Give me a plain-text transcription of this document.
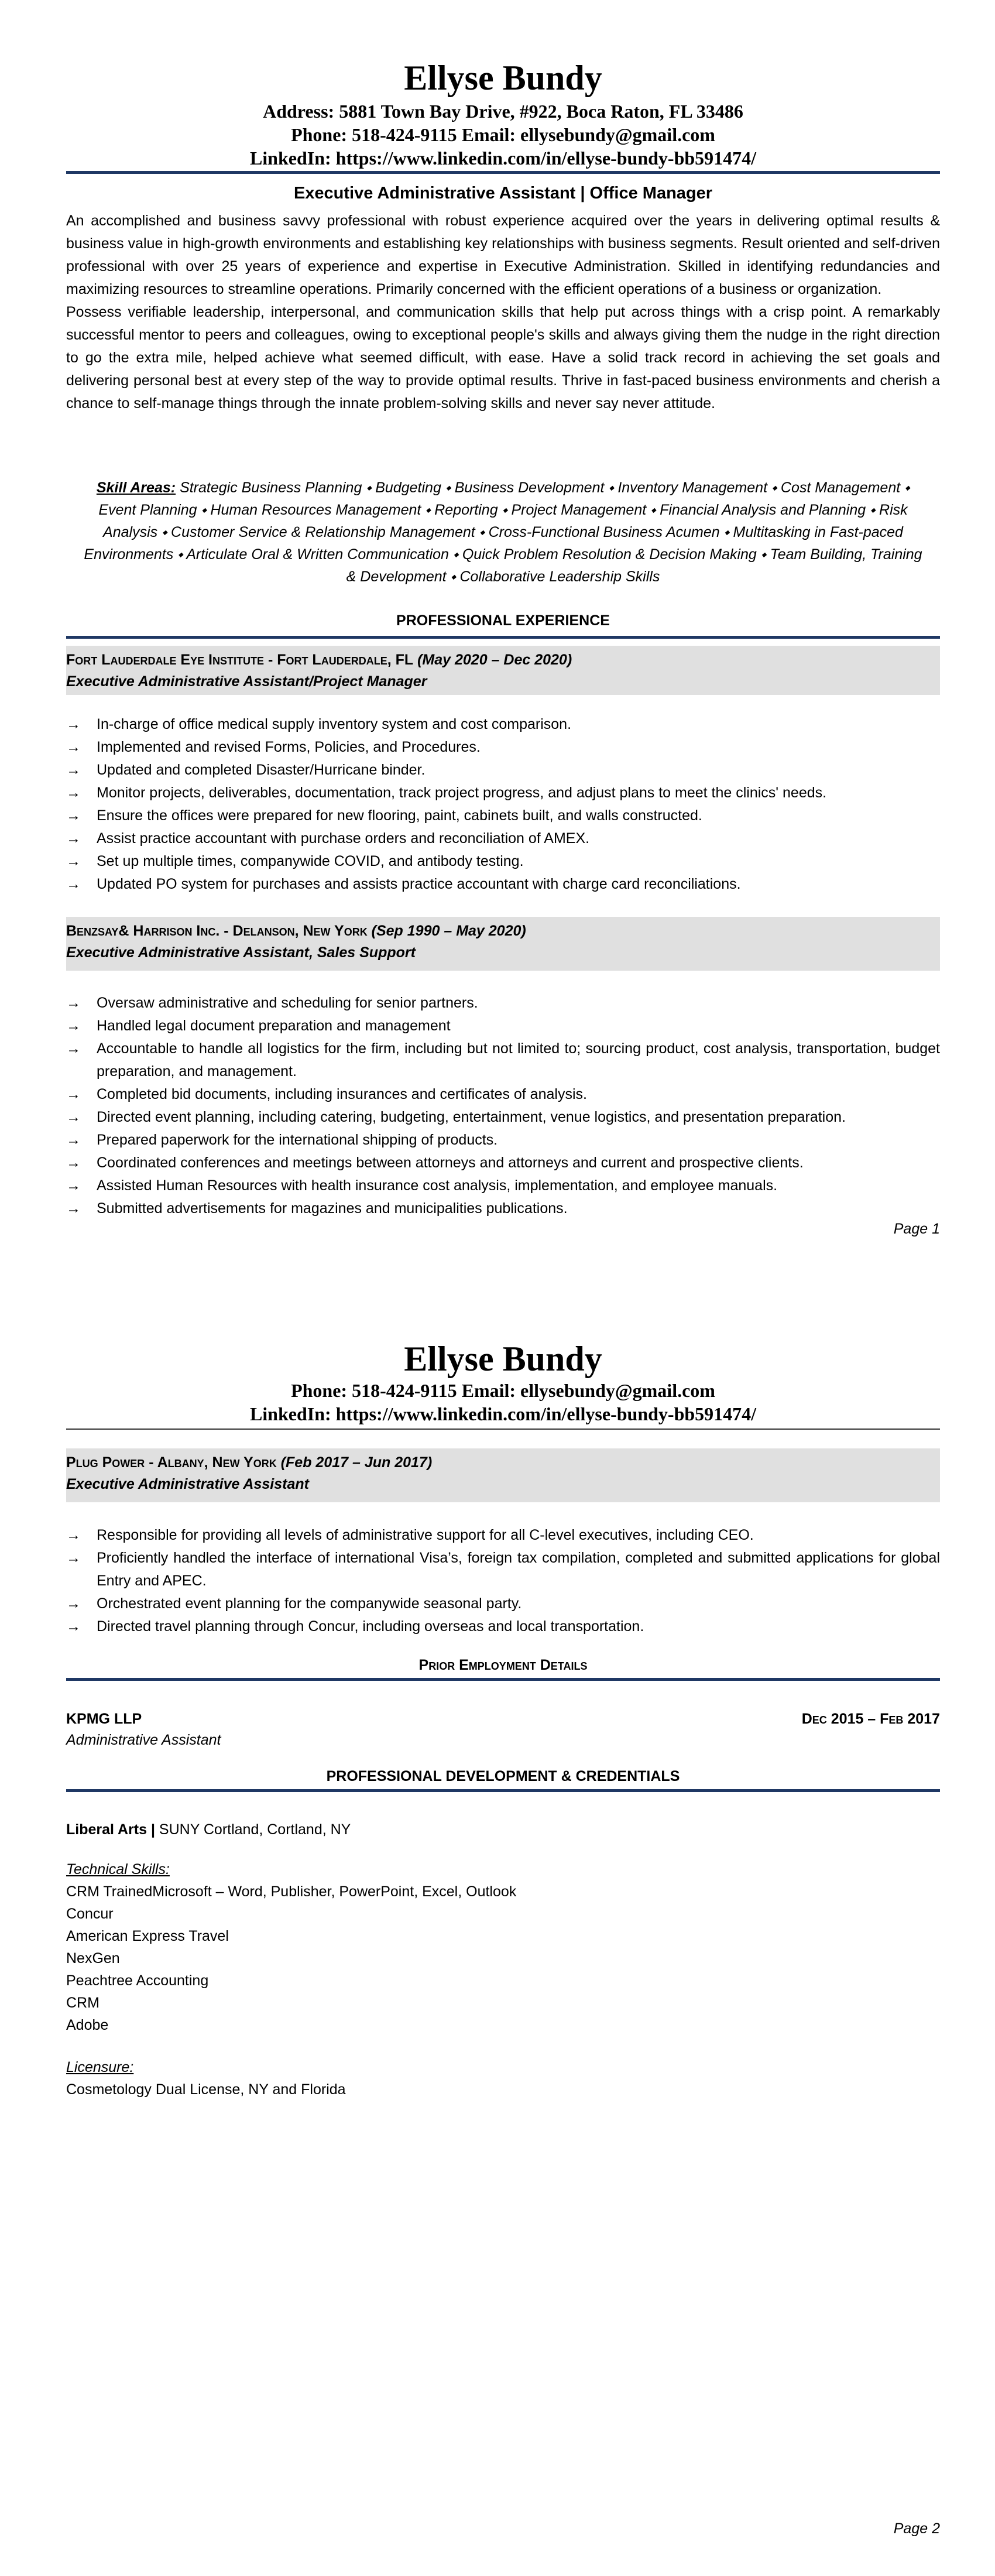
Ellyse Bundy
Address: 5881 Town Bay Drive, #922, Boca Raton, FL 33486
Phone: 518-424-9115 Email: ellysebundy@gmail.com
LinkedIn: https://www.linkedin.com/in/ellyse-bundy-bb591474/
Executive Administrative Assistant | Office Manager

An accomplished and business savvy professional with robust experience acquired over the years in delivering optimal results & business value in high-growth environments and establishing key relationships with business segments. Result oriented and self-driven professional with over 25 years of experience and expertise in Executive Administration. Skilled in identifying redundancies and maximizing resources to streamline operations. Primarily concerned with the efficient operations of a business or organization.

Possess verifiable leadership, interpersonal, and communication skills that help put across things with a crisp point. A remarkably successful mentor to peers and colleagues, owing to exceptional people's skills and always giving them the nudge in the right direction to go the extra mile, helped achieve what seemed difficult, with ease. Have a solid track record in achieving the set goals and delivering personal best at every step of the way to provide optimal results. Thrive in fast-paced business environments and cherish a chance to self-manage things through the innate problem-solving skills and never say never attitude.

Skill Areas: Strategic Business Planning ⬩ Budgeting ⬩ Business Development ⬩ Inventory Management ⬩ Cost Management ⬩ Event Planning ⬩ Human Resources Management ⬩ Reporting ⬩ Project Management ⬩ Financial Analysis and Planning ⬩ Risk Analysis ⬩ Customer Service & Relationship Management ⬩ Cross-Functional Business Acumen ⬩ Multitasking in Fast-paced Environments ⬩ Articulate Oral & Written Communication ⬩ Quick Problem Resolution & Decision Making ⬩ Team Building, Training & Development ⬩ Collaborative Leadership Skills
PROFESSIONAL EXPERIENCE
Fort Lauderdale Eye Institute - Fort Lauderdale, FL (May 2020 – Dec 2020)
Executive Administrative Assistant/Project Manager
→ In-charge of office medical supply inventory system and cost comparison.
→ Implemented and revised Forms, Policies, and Procedures.
→ Updated and completed Disaster/Hurricane binder.
→ Monitor projects, deliverables, documentation, track project progress, and adjust plans to meet the clinics' needs.
→ Ensure the offices were prepared for new flooring, paint, cabinets built, and walls constructed.
→ Assist practice accountant with purchase orders and reconciliation of AMEX.
→ Set up multiple times, companywide COVID, and antibody testing.
→ Updated PO system for purchases and assists practice accountant with charge card reconciliations.
Benzsay& Harrison Inc. - Delanson, New York (Sep 1990 – May 2020)
Executive Administrative Assistant, Sales Support
→ Oversaw administrative and scheduling for senior partners.
→ Handled legal document preparation and management
→ Accountable to handle all logistics for the firm, including but not limited to; sourcing product, cost analysis, transportation, budget preparation, and management.
→ Completed bid documents, including insurances and certificates of analysis.
→ Directed event planning, including catering, budgeting, entertainment, venue logistics, and presentation preparation.
→ Prepared paperwork for the international shipping of products.
→ Coordinated conferences and meetings between attorneys and attorneys and current and prospective clients.
→ Assisted Human Resources with health insurance cost analysis, implementation, and employee manuals.
→ Submitted advertisements for magazines and municipalities publications.
Page 1
Ellyse Bundy
Phone: 518-424-9115 Email: ellysebundy@gmail.com
LinkedIn: https://www.linkedin.com/in/ellyse-bundy-bb591474/
Plug Power - Albany, New York (Feb 2017 – Jun 2017)
Executive Administrative Assistant
→ Responsible for providing all levels of administrative support for all C-level executives, including CEO.
→ Proficiently handled the interface of international Visa’s, foreign tax compilation, completed and submitted applications for global Entry and APEC.
→ Orchestrated event planning for the companywide seasonal party.
→ Directed travel planning through Concur, including overseas and local transportation.
Prior Employment Details
KPMG LLP	Dec 2015 – Feb 2017
Administrative Assistant
PROFESSIONAL DEVELOPMENT & CREDENTIALS
Liberal Arts | SUNY Cortland, Cortland, NY
Technical Skills:
CRM TrainedMicrosoft – Word, Publisher, PowerPoint, Excel, Outlook
Concur
American Express Travel
NexGen
Peachtree Accounting
CRM
Adobe
Licensure:
Cosmetology Dual License, NY and Florida
Page 2
